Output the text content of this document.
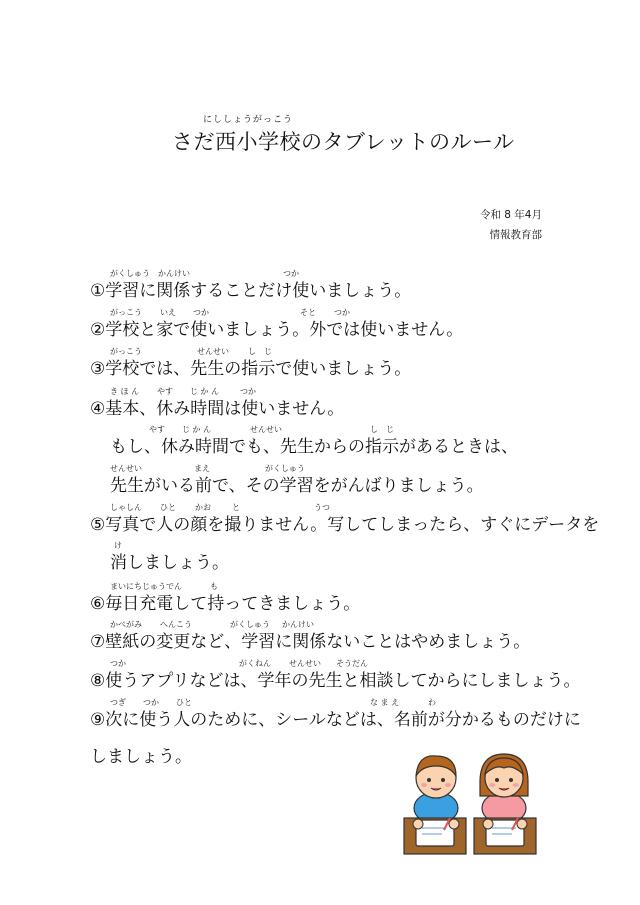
にししょうがっこう
さだ西小学校のタブレットのルール
令和 8 年4月
情報教育部
①学習に関係することだけ使いましょう。
②学校と家で使いましょう。外では使いません。
③学校では、先生の指示で使いましょう。
④基本、休み時間は使いません。
もし、休み時間でも、先生からの指示があるときは、
先生がいる前で、その学習をがんばりましょう。
⑤写真で人の顔を撮りません。写してしまったら、すぐにデータを
消しましょう。
⑥毎日充電して持ってきましょう。
⑦壁紙の変更など、学習に関係ないことはやめましょう。
⑧使うアプリなどは、学年の先生と相談してからにしましょう。
⑨次に使う人のために、シールなどは、名前が分かるものだけに
しましょう。
がくしゅう かんけい	つか
がっこう いえ つか	そと つか
がっこう	せんせい し　じ
き ほ ん やす じ か ん	つか
やす じ か ん	せんせい	し　じ
せんせい	まえ	がくしゅう
しゃしん ひと かお	と	うつ
け
まいにちじゅうでん	も
かべがみ へんこう	がくしゅう かんけい
つか	がくねん せんせい そうだん
つぎ つか ひと	な ま え	わ
